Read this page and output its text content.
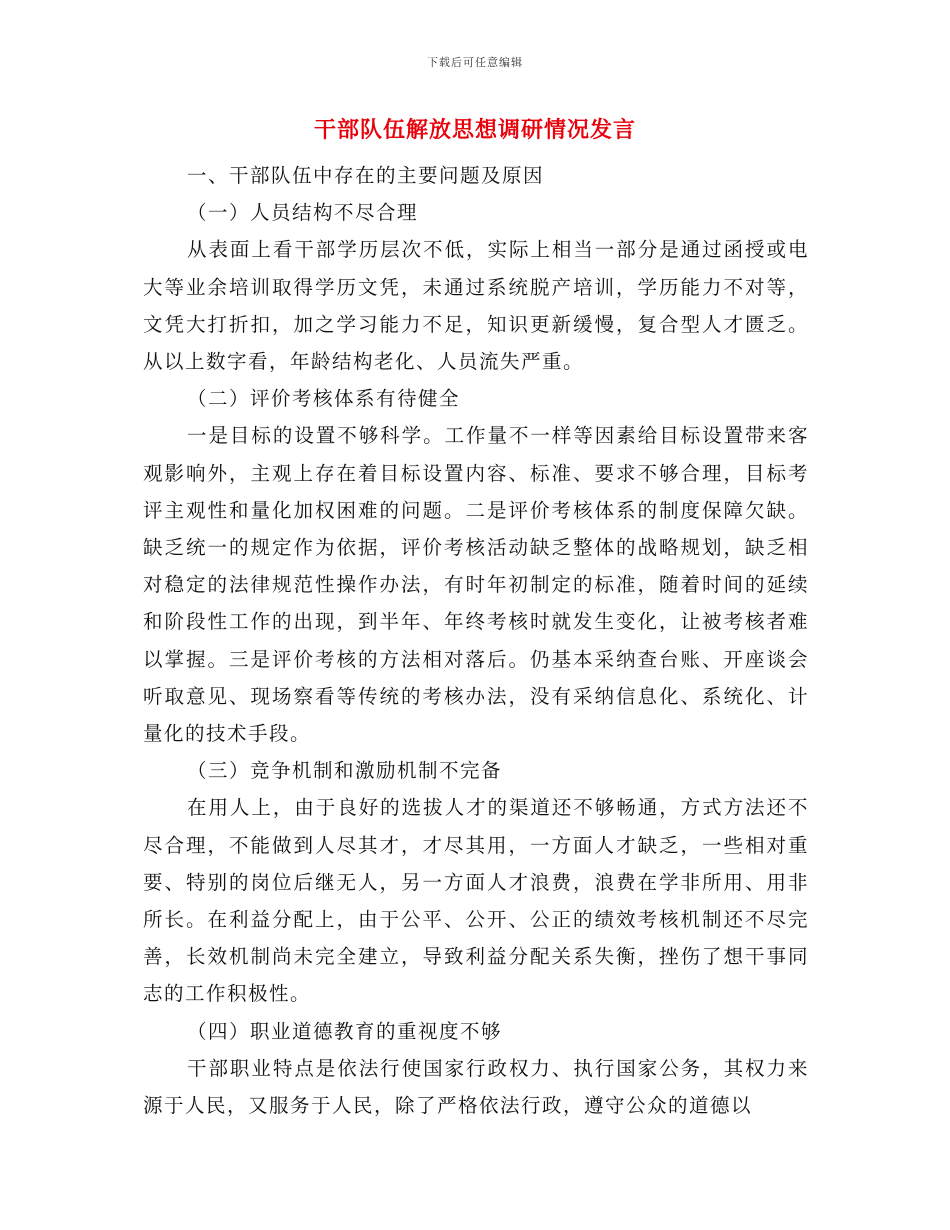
下载后可任意编辑
干部队伍解放思想调研情况发言

一、干部队伍中存在的主要问题及原因

（一）人员结构不尽合理

从表面上看干部学历层次不低，实际上相当一部分是通过函授或电大等业余培训取得学历文凭，未通过系统脱产培训，学历能力不对等，文凭大打折扣，加之学习能力不足，知识更新缓慢，复合型人才匮乏。从以上数字看，年龄结构老化、人员流失严重。

（二）评价考核体系有待健全

一是目标的设置不够科学。工作量不一样等因素给目标设置带来客观影响外，主观上存在着目标设置内容、标准、要求不够合理，目标考评主观性和量化加权困难的问题。二是评价考核体系的制度保障欠缺。缺乏统一的规定作为依据，评价考核活动缺乏整体的战略规划，缺乏相对稳定的法律规范性操作办法，有时年初制定的标准，随着时间的延续和阶段性工作的出现，到半年、年终考核时就发生变化，让被考核者难以掌握。三是评价考核的方法相对落后。仍基本采纳查台账、开座谈会听取意见、现场察看等传统的考核办法，没有采纳信息化、系统化、计量化的技术手段。

（三）竞争机制和激励机制不完备

在用人上，由于良好的选拔人才的渠道还不够畅通，方式方法还不尽合理，不能做到人尽其才，才尽其用，一方面人才缺乏，一些相对重要、特别的岗位后继无人，另一方面人才浪费，浪费在学非所用、用非所长。在利益分配上，由于公平、公开、公正的绩效考核机制还不尽完善，长效机制尚未完全建立，导致利益分配关系失衡，挫伤了想干事同志的工作积极性。

（四）职业道德教育的重视度不够

干部职业特点是依法行使国家行政权力、执行国家公务，其权力来源于人民，又服务于人民，除了严格依法行政，遵守公众的道德以
